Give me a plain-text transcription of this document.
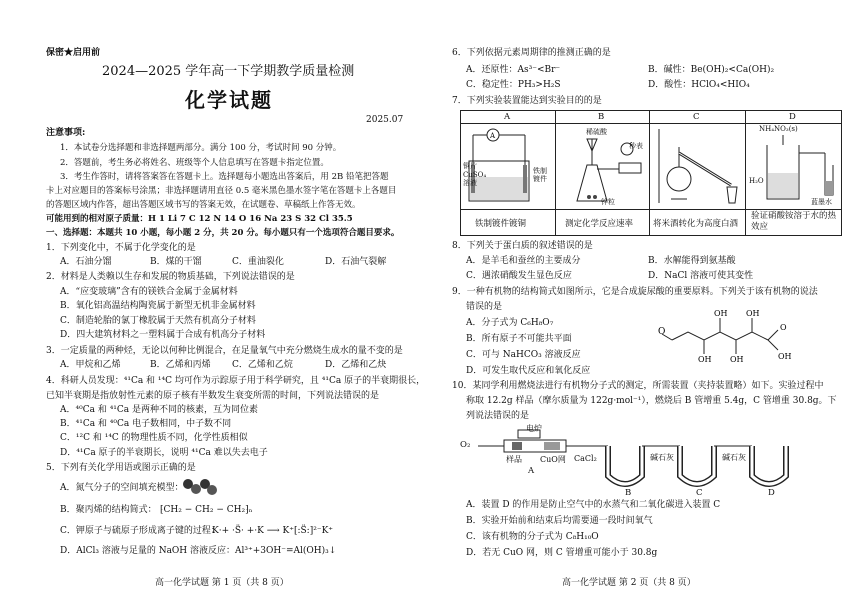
保密★启用前
2024—2025 学年高一下学期教学质量检测
化学试题
2025.07
注意事项:
1．本试卷分选择题和非选择题两部分。满分 100 分，考试时间 90 分钟。
2．答题前，考生务必将姓名、班级等个人信息填写在答题卡指定位置。
3．考生作答时，请将答案答在答题卡上。选择题每小题选出答案后，用 2B 铅笔把答题
卡上对应题目的答案标号涂黑；非选择题请用直径 0.5 毫米黑色墨水签字笔在答题卡上各题目
的答题区域内作答，超出答题区域书写的答案无效，在试题卷、草稿纸上作答无效。
可能用到的相对原子质量：H 1 Li 7 C 12 N 14 O 16 Na 23 S 32 Cl 35.5
一、选择题：本题共 10 小题，每小题 2 分，共 20 分。每小题只有一个选项符合题目要求。
1．下列变化中，不属于化学变化的是
A．石油分馏	B．煤的干馏	C．重油裂化	D．石油气裂解
2．材料是人类赖以生存和发展的物质基础，下列说法错误的是
A．“应变玻璃”含有的镁铁合金属于金属材料
B．氧化铝高温结构陶瓷属于新型无机非金属材料
C．制造轮胎的氯丁橡胶属于天然有机高分子材料
D．四大建筑材料之一塑料属于合成有机高分子材料
3．一定质量的两种烃，无论以何种比例混合，在足量氧气中充分燃烧生成水的量不变的是
A．甲烷和乙烯	B．乙烯和丙烯 C．乙烯和乙烷	D．乙烯和乙炔
4．科研人员发现：⁴¹Ca 和 ¹⁴C 均可作为示踪原子用于科学研究，且 ⁴¹Ca 原子的半衰期很长，
已知半衰期是指放射性元素的原子核有半数发生衰变所需的时间，下列说法错误的是
A．⁴⁰Ca 和 ⁴¹Ca 是两种不同的核素，互为同位素
B．⁴¹Ca 和 ⁴⁰Ca 电子数相同，中子数不同
C．¹²C 和 ¹⁴C 的物理性质不同，化学性质相似
D．⁴¹Ca 原子的半衰期长，说明 ⁴¹Ca 难以失去电子
5．下列有关化学用语或图示正确的是
A．氮气分子的空间填充模型：
B．聚丙烯的结构简式： ⁅CH₂ − CH₂ − CH₂⁆ₙ
C．钾原子与硫原子形成离子键的过程：
K·+ ·S̈· +·K ⟶ K⁺[:S̈:]²⁻K⁺
D．AlCl₃ 溶液与足量的 NaOH 溶液反应：Al³⁺+3OH⁻=Al(OH)₃↓
高一化学试题 第 1 页（共 8 页）
6．下列依据元素周期律的推测正确的是
A．还原性：As³⁻<Br⁻	B．碱性：Be(OH)₂<Ca(OH)₂
C．稳定性：PH₃>H₂S	D．酸性：HClO₄<HIO₄
7．下列实验装置能达到实验目的的是
A	B	C	D
A
铜片
CuSO₄溶液
铁制镀件
稀硫酸
秒表
锌粒
NH₄NO₃(s)
H₂O
蓝墨水
铁制镀件镀铜	测定化学反应速率 将米酒转化为高度白酒
验证硝酸铵溶于水的热效应
8．下列关于蛋白质的叙述错误的是
A．是羊毛和蚕丝的主要成分	B．水解能得到氨基酸
C．遇浓硝酸发生显色反应	D．NaCl 溶液可使其变性
9．一种有机物的结构简式如图所示，它是合成旋尿酸的重要原料。下列关于该有机物的说法
错误的是
A．分子式为 C₆H₈O₇
B．所有原子不可能共平面
C．可与 NaHCO₃ 溶液反应
D．可发生取代反应和氧化反应
O
OH
OH
OH
OH
OH
O
10．某同学利用燃烧法进行有机物分子式的测定，所需装置（夹持装置略）如下。实验过程中
称取 12.2g 样品（摩尔质量为 122g·mol⁻¹），燃烧后 B 管增重 5.4g，C 管增重 30.8g。下
列说法错误的是
O₂
电炉
样品 CuO网 CaCl₂	碱石灰	碱石灰
A
B	C	D
A．装置 D 的作用是防止空气中的水蒸气和二氧化碳进入装置 C
B．实验开始前和结束后均需要通一段时间氧气
C．该有机物的分子式为 C₈H₁₀O
D．若无 CuO 网，则 C 管增重可能小于 30.8g
高一化学试题 第 2 页（共 8 页）
